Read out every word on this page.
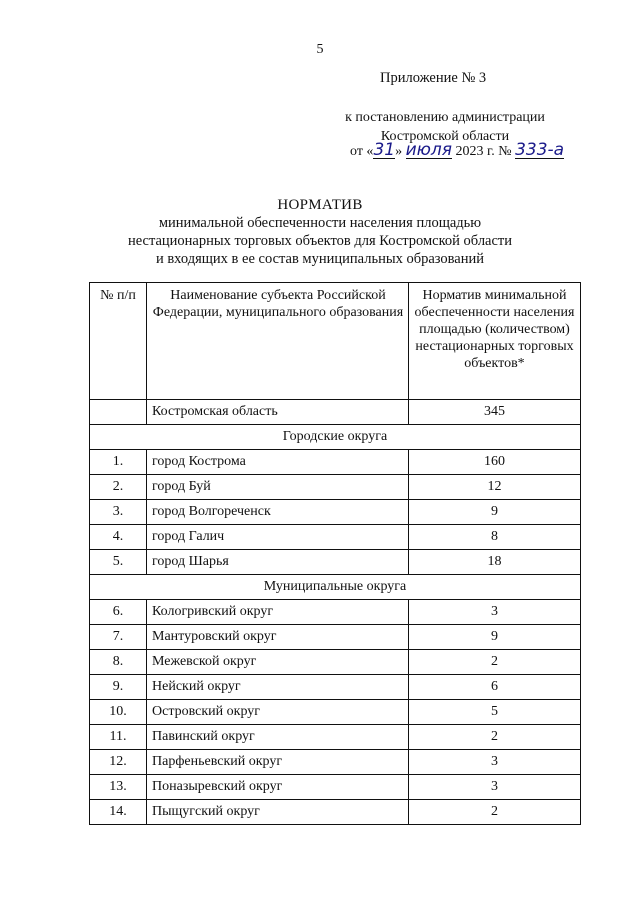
5
Приложение № 3
к постановлению администрации
Костромской области
от «31» июля 2023 г. № 333-а
НОРМАТИВ
минимальной обеспеченности населения площадью
нестационарных торговых объектов для Костромской области
и входящих в ее состав муниципальных образований
№ п/п	Наименование субъекта Российской Федерации, муниципального образования	Норматив минимальной обеспеченности населения площадью (количеством) нестационарных торговых объектов*
	Костромская область	345
Городские округа		
1.	город Кострома	160
2.	город Буй	12
3.	город Волгореченск	9
4.	город Галич	8
5.	город Шарья	18
Муниципальные округа		
6.	Кологривский округ	3
7.	Мантуровский округ	9
8.	Межевской округ	2
9.	Нейский округ	6
10.	Островский округ	5
11.	Павинский округ	2
12.	Парфеньевский округ	3
13.	Поназыревский округ	3
14.	Пыщугский округ	2
